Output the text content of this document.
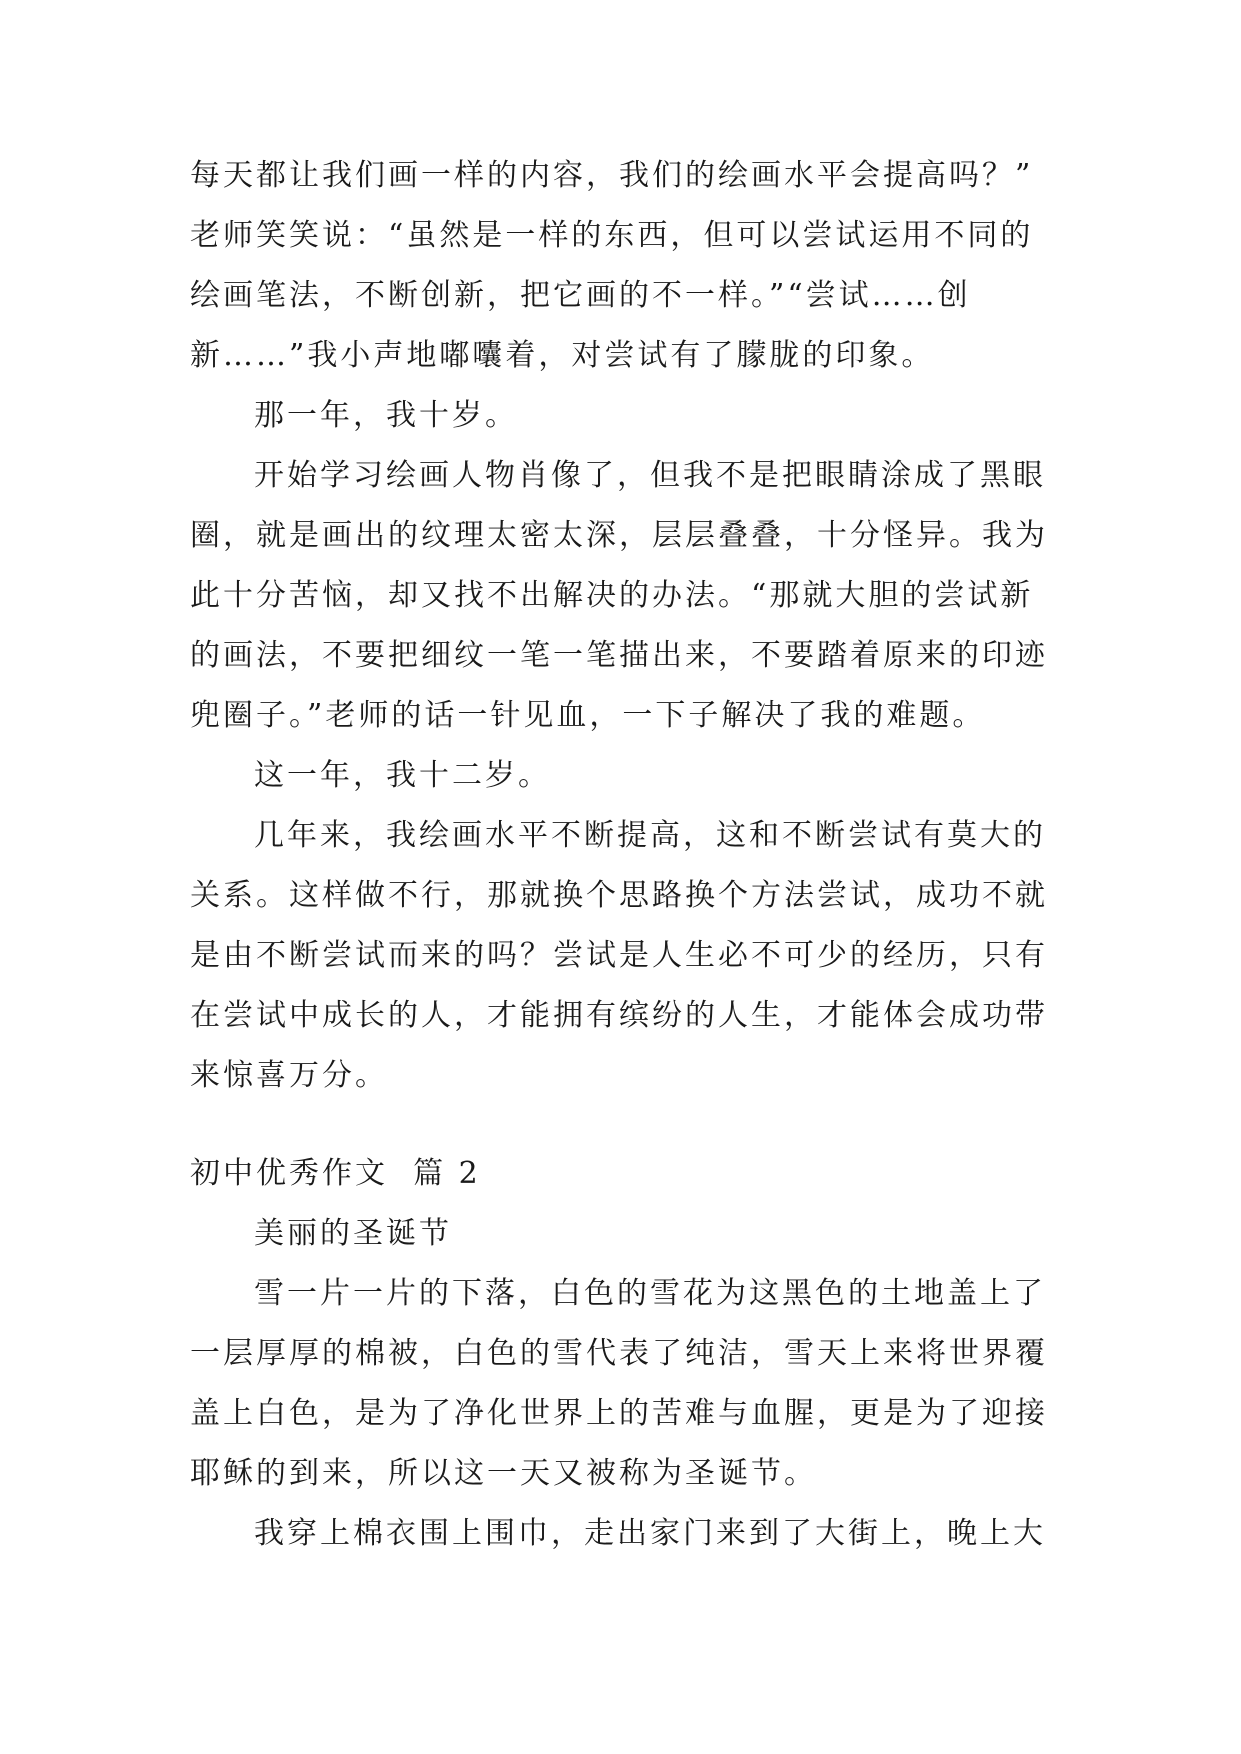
每天都让我们画一样的内容，我们的绘画水平会提高吗？”
老师笑笑说：“虽然是一样的东西，但可以尝试运用不同的
绘画笔法，不断创新，把它画的不一样。”“尝试……创
新……”我小声地嘟囔着，对尝试有了朦胧的印象。
那一年，我十岁。
开始学习绘画人物肖像了，但我不是把眼睛涂成了黑眼
圈，就是画出的纹理太密太深，层层叠叠，十分怪异。我为
此十分苦恼，却又找不出解决的办法。“那就大胆的尝试新
的画法，不要把细纹一笔一笔描出来，不要踏着原来的印迹
兜圈子。”老师的话一针见血，一下子解决了我的难题。
这一年，我十二岁。
几年来，我绘画水平不断提高，这和不断尝试有莫大的
关系。这样做不行，那就换个思路换个方法尝试，成功不就
是由不断尝试而来的吗？尝试是人生必不可少的经历，只有
在尝试中成长的人，才能拥有缤纷的人生，才能体会成功带
来惊喜万分。
初中优秀作文  篇 2
美丽的圣诞节
雪一片一片的下落，白色的雪花为这黑色的土地盖上了
一层厚厚的棉被，白色的雪代表了纯洁，雪天上来将世界覆
盖上白色，是为了净化世界上的苦难与血腥，更是为了迎接
耶稣的到来，所以这一天又被称为圣诞节。
我穿上棉衣围上围巾，走出家门来到了大街上，晚上大
